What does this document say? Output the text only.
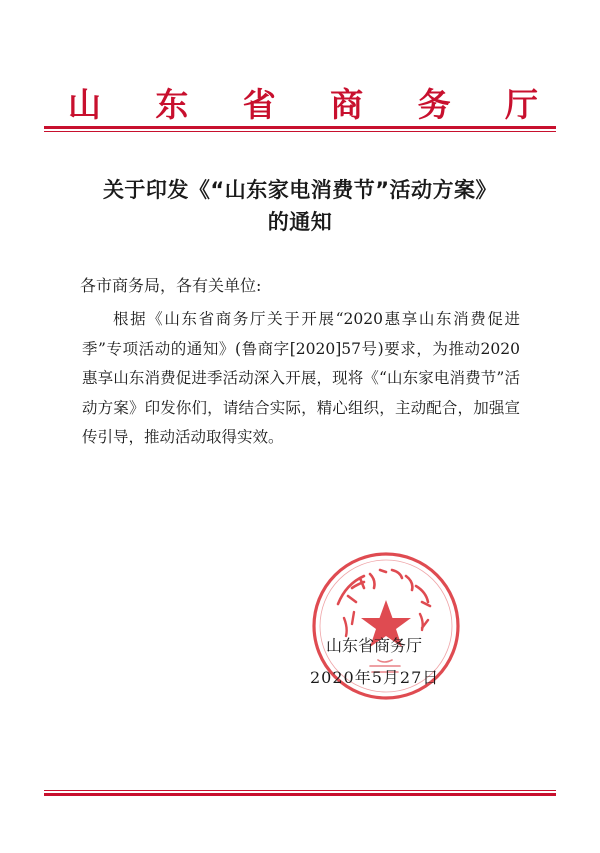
山 东 省 商 务 厅
关于印发《“山东家电消费节”活动方案》
的通知
各市商务局，各有关单位:
根据《山东省商务厅关于开展“2020惠享山东消费促进季”专项活动的通知》(鲁商字[2020]57号)要求，为推动2020惠享山东消费促进季活动深入开展，现将《“山东家电消费节”活动方案》印发你们，请结合实际，精心组织，主动配合，加强宣传引导，推动活动取得实效。
山东省商务厅
2020年5月27日
